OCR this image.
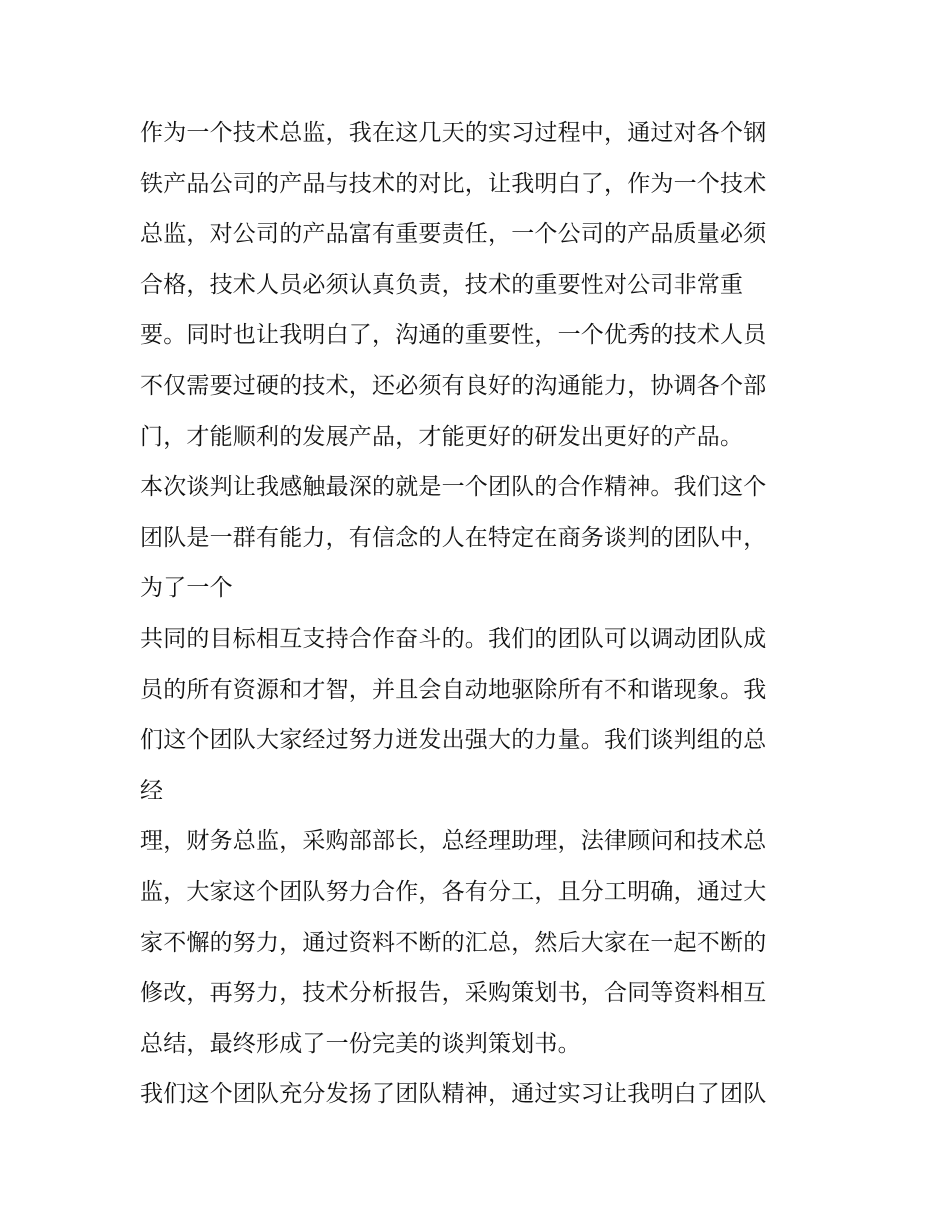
作为一个技术总监，我在这几天的实习过程中，通过对各个钢
铁产品公司的产品与技术的对比，让我明白了，作为一个技术
总监，对公司的产品富有重要责任，一个公司的产品质量必须
合格，技术人员必须认真负责，技术的重要性对公司非常重
要。同时也让我明白了，沟通的重要性，一个优秀的技术人员
不仅需要过硬的技术，还必须有良好的沟通能力，协调各个部
门，才能顺利的发展产品，才能更好的研发出更好的产品。
本次谈判让我感触最深的就是一个团队的合作精神。我们这个
团队是一群有能力，有信念的人在特定在商务谈判的团队中，
为了一个
共同的目标相互支持合作奋斗的。我们的团队可以调动团队成
员的所有资源和才智，并且会自动地驱除所有不和谐现象。我
们这个团队大家经过努力迸发出强大的力量。我们谈判组的总
经
理，财务总监，采购部部长，总经理助理，法律顾问和技术总
监，大家这个团队努力合作，各有分工，且分工明确，通过大
家不懈的努力，通过资料不断的汇总，然后大家在一起不断的
修改，再努力，技术分析报告，采购策划书，合同等资料相互
总结，最终形成了一份完美的谈判策划书。
我们这个团队充分发扬了团队精神，通过实习让我明白了团队
